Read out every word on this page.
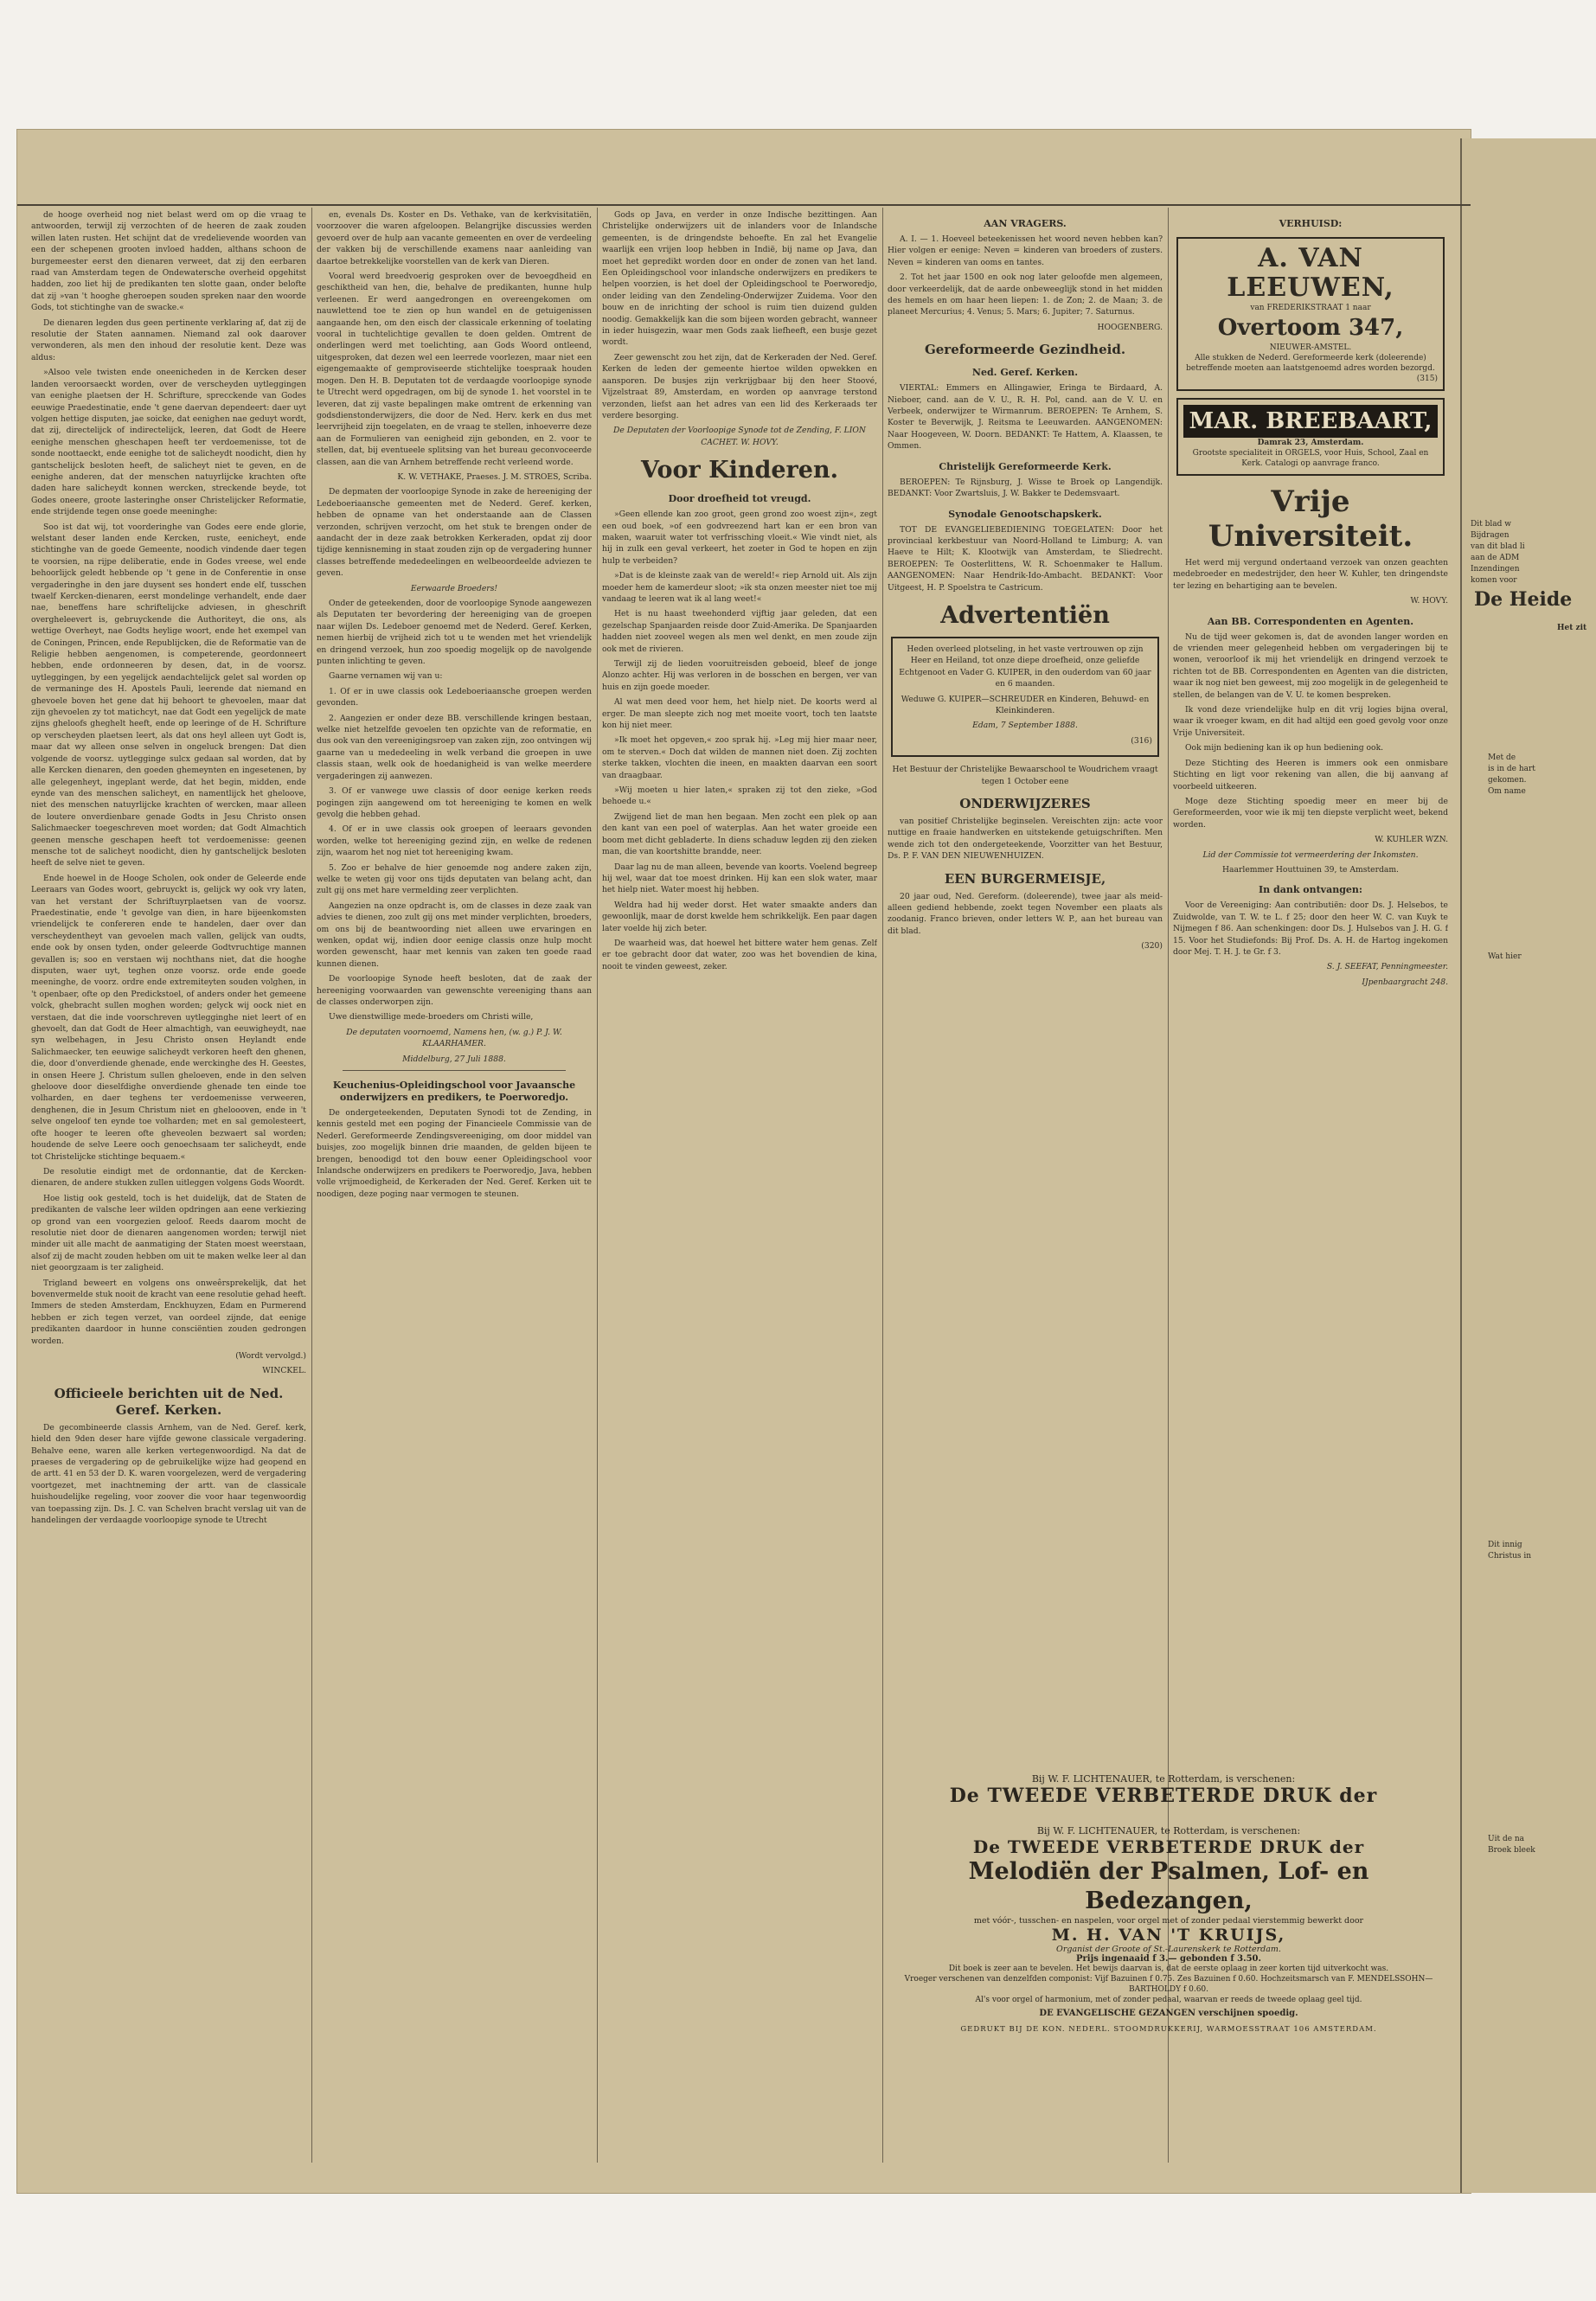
de hooge overheid nog niet belast werd om op die vraag te antwoorden, terwijl zij verzochten of de heeren de zaak zouden willen laten rusten. Het schijnt dat de vredelievende woorden van een der schepenen grooten invloed hadden, althans schoon de burgemeester eerst den dienaren verweet, dat zij den eerbaren raad van Amsterdam tegen de Ondewatersche overheid opgehitst hadden, zoo liet hij de predikanten ten slotte gaan, onder belofte dat zij »van 't hooghe gheroepen souden spreken naar den woorde Gods, tot stichtinghe van de swacke.«

De dienaren legden dus geen pertinente verklaring af, dat zij de resolutie der Staten aannamen. Niemand zal ook daarover verwonderen, als men den inhoud der resolutie kent. Deze was aldus:

»Alsoo vele twisten ende oneenicheden in de Kercken deser landen veroorsaeckt worden, over de verscheyden uytleggingen van eenighe plaetsen der H. Schrifture, sprecckende van Godes eeuwige Praedestinatie, ende 't gene daervan dependeert: daer uyt volgen hettige disputen, jae soicke, dat eenighen nae geduyt wordt, dat zij, directelijck of indirectelijck, leeren, dat Godt de Heere eenighe menschen gheschapen heeft ter verdoemenisse, tot de sonde noottaeckt, ende eenighe tot de salicheydt noodicht, dien hy gantschelijck besloten heeft, de salicheyt niet te geven, en de eenighe anderen, dat der menschen natuyrlijcke krachten ofte daden hare salicheydt konnen wercken, streckende beyde, tot Godes oneere, groote lasteringhe onser Christelijcker Reformatie, ende strijdende tegen onse goede meeninghe:

Soo ist dat wij, tot voorderinghe van Godes eere ende glorie, welstant deser landen ende Kercken, ruste, eenicheyt, ende stichtinghe van de goede Gemeente, noodich vindende daer tegen te voorsien, na rijpe deliberatie, ende in Godes vreese, wel ende behoorlijck geledt hebbende op 't gene in de Conferentie in onse vergaderinghe in den jare duysent ses hondert ende elf, tusschen twaelf Kercken-dienaren, eerst mondelinge verhandelt, ende daer nae, beneffens hare schriftelijcke adviesen, in gheschrift overgheleevert is, gebruyckende die Authoriteyt, die ons, als wettige Overheyt, nae Godts heylige woort, ende het exempel van de Coningen, Princen, ende Republijcken, die de Reformatie van de Religie hebben aengenomen, is competerende, geordonneert hebben, ende ordonneeren by desen, dat, in de voorsz. uytleggingen, by een yegelijck aendachtelijck gelet sal worden op de vermaninge des H. Apostels Pauli, leerende dat niemand en ghevoele boven het gene dat hij behoort te ghevoelen, maar dat zijn ghevoelen zy tot matichcyt, nae dat Godt een yegelijck de mate zijns gheloofs gheghelt heeft, ende op leeringe of de H. Schrifture op verscheyden plaetsen leert, als dat ons heyl alleen uyt Godt is, maar dat wy alleen onse selven in ongeluck brengen: Dat dien volgende de voorsz. uytlegginge sulcx gedaan sal worden, dat by alle Kercken dienaren, den goeden ghemeynten en ingesetenen, by alle gelegenheyt, ingeplant werde, dat het begin, midden, ende eynde van des menschen salicheyt, en namentlijck het gheloove, niet des menschen natuyrlijcke krachten of wercken, maar alleen de loutere onverdienbare genade Godts in Jesu Christo onsen Salichmaecker toegeschreven moet worden; dat Godt Almachtich geenen mensche geschapen heeft tot verdoemenisse: geenen mensche tot de salicheyt noodicht, dien hy gantschelijck besloten heeft de selve niet te geven.

Ende hoewel in de Hooge Scholen, ook onder de Geleerde ende Leeraars van Godes woort, gebruyckt is, gelijck wy ook vry laten, van het verstant der Schriftuyrplaetsen van de voorsz. Praedestinatie, ende 't gevolge van dien, in hare bijeenkomsten vriendelijck te confereren ende te handelen, daer over dan verscheydentheyt van gevoelen mach vallen, gelijck van oudts, ende ook by onsen tyden, onder geleerde Godtvruchtige mannen gevallen is; soo en verstaen wij nochthans niet, dat die hooghe disputen, waer uyt, teghen onze voorsz. orde ende goede meeninghe, de voorz. ordre ende extremiteyten souden volghen, in 't openbaer, ofte op den Predickstoel, of anders onder het gemeene volck, ghebracht sullen moghen worden; gelyck wij oock niet en verstaen, dat die inde voorschreven uytlegginghe niet leert of en ghevoelt, dan dat Godt de Heer almachtigh, van eeuwigheydt, nae syn welbehagen, in Jesu Christo onsen Heylandt ende Salichmaecker, ten eeuwige salicheydt verkoren heeft den ghenen, die, door d'onverdiende ghenade, ende werckinghe des H. Geestes, in onsen Heere J. Christum sullen gheloeven, ende in den selven gheloove door dieselfdighe onverdiende ghenade ten einde toe volharden, en daer teghens ter verdoemenisse verweeren, denghenen, die in Jesum Christum niet en gheloooven, ende in 't selve ongeloof ten eynde toe volharden; met en sal gemolesteert, ofte hooger te leeren ofte gheveolen bezwaert sal worden; houdende de selve Leere ooch genoechsaam ter salicheydt, ende tot Christelijcke stichtinge bequaem.«

De resolutie eindigt met de ordonnantie, dat de Kercken-dienaren, de andere stukken zullen uitleggen volgens Gods Woordt.

Hoe listig ook gesteld, toch is het duidelijk, dat de Staten de predikanten de valsche leer wilden opdringen aan eene verkiezing op grond van een voorgezien geloof. Reeds daarom mocht de resolutie niet door de dienaren aangenomen worden; terwijl niet minder uit alle macht de aanmatiging der Staten moest weerstaan, alsof zij de macht zouden hebben om uit te maken welke leer al dan niet geoorgzaam is ter zaligheid.

Trigland beweert en volgens ons onweêrsprekelijk, dat het bovenvermelde stuk nooit de kracht van eene resolutie gehad heeft. Immers de steden Amsterdam, Enckhuyzen, Edam en Purmerend hebben er zich tegen verzet, van oordeel zijnde, dat eenige predikanten daardoor in hunne consciëntien zouden gedrongen worden.

(Wordt vervolgd.)

WINCKEL.

Officieele berichten uit de Ned. Geref. Kerken.

De gecombineerde classis Arnhem, van de Ned. Geref. kerk, hield den 9den deser hare vijfde gewone classicale vergadering. Behalve eene, waren alle kerken vertegenwoordigd. Na dat de praeses de vergadering op de gebruikelijke wijze had geopend en de artt. 41 en 53 der D. K. waren voorgelezen, werd de vergadering voortgezet, met inachtneming der artt. van de classicale huishoudelijke regeling, voor zoover die voor haar tegenwoordig van toepassing zijn. Ds. J. C. van Schelven bracht verslag uit van de handelingen der verdaagde voorloopige synode te Utrecht

en, evenals Ds. Koster en Ds. Vethake, van de kerkvisitatiën, voorzoover die waren afgeloopen. Belangrijke discussies werden gevoerd over de hulp aan vacante gemeenten en over de verdeeling der vakken bij de verschillende examens naar aanleiding van daartoe betrekkelijke voorstellen van de kerk van Dieren.

Vooral werd breedvoerig gesproken over de bevoegdheid en geschiktheid van hen, die, behalve de predikanten, hunne hulp verleenen. Er werd aangedrongen en overeengekomen om nauwlettend toe te zien op hun wandel en de getuigenissen aangaande hen, om den eisch der classicale erkenning of toelating vooral in tuchtelichtige gevallen te doen gelden. Omtrent de onderlingen werd met toelichting, aan Gods Woord ontleend, uitgesproken, dat dezen wel een leerrede voorlezen, maar niet een eigengemaakte of gemproviseerde stichtelijke toespraak houden mogen. Den H. B. Deputaten tot de verdaagde voorloopige synode te Utrecht werd opgedragen, om bij de synode 1. het voorstel in te leveren, dat zij vaste bepalingen make omtrent de erkenning van godsdienstonderwijzers, die door de Ned. Herv. kerk en dus met leervrijheid zijn toegelaten, en de vraag te stellen, inhoeverre deze aan de Formulieren van eenigheid zijn gebonden, en 2. voor te stellen, dat, bij eventueele splitsing van het bureau geconvoceerde classen, aan die van Arnhem betreffende recht verleend worde.

K. W. VETHAKE, Praeses. J. M. STROES, Scriba.

De depmaten der voorloopige Synode in zake de hereeniging der Ledeboeriaansche gemeenten met de Nederd. Geref. kerken, hebben de opname van het onderstaande aan de Classen verzonden, schrijven verzocht, om het stuk te brengen onder de aandacht der in deze zaak betrokken Kerkeraden, opdat zij door tijdige kennisneming in staat zouden zijn op de vergadering hunner classes betreffende mededeelingen en welbeoordeelde adviezen te geven.

Eerwaarde Broeders!

Onder de geteekenden, door de voorloopige Synode aangewezen als Deputaten ter bevordering der hereeniging van de groepen naar wijlen Ds. Ledeboer genoemd met de Nederd. Geref. Kerken, nemen hierbij de vrijheid zich tot u te wenden met het vriendelijk en dringend verzoek, hun zoo spoedig mogelijk op de navolgende punten inlichting te geven.

Gaarne vernamen wij van u:

1. Of er in uwe classis ook Ledeboeriaansche groepen werden gevonden.

2. Aangezien er onder deze BB. verschillende kringen bestaan, welke niet hetzelfde gevoelen ten opzichte van de reformatie, en dus ook van den vereenigingsroep van zaken zijn, zoo ontvingen wij gaarne van u mededeeling in welk verband die groepen in uwe classis staan, welk ook de hoedanigheid is van welke meerdere vergaderingen zij aanwezen.

3. Of er vanwege uwe classis of door eenige kerken reeds pogingen zijn aangewend om tot hereeniging te komen en welk gevolg die hebben gehad.

4. Of er in uwe classis ook groepen of leeraars gevonden worden, welke tot hereeniging gezind zijn, en welke de redenen zijn, waarom het nog niet tot hereeniging kwam.

5. Zoo er behalve de hier genoemde nog andere zaken zijn, welke te weten gij voor ons tijds deputaten van belang acht, dan zult gij ons met hare vermelding zeer verplichten.

Aangezien na onze opdracht is, om de classes in deze zaak van advies te dienen, zoo zult gij ons met minder verplichten, broeders, om ons bij de beantwoording niet alleen uwe ervaringen en wenken, opdat wij, indien door eenige classis onze hulp mocht worden gewenscht, haar met kennis van zaken ten goede raad kunnen dienen.

De voorloopige Synode heeft besloten, dat de zaak der hereeniging voorwaarden van gewenschte vereeniging thans aan de classes onderworpen zijn.

Uwe dienstwillige mede-broeders om Christi wille,

De deputaten voornoemd, Namens hen, (w. g.) P. J. W. KLAARHAMER.

Middelburg, 27 Juli 1888.

Keuchenius-Opleidingschool voor Javaansche onderwijzers en predikers, te Poerworedjo.

De ondergeteekenden, Deputaten Synodi tot de Zending, in kennis gesteld met een poging der Financieele Commissie van de Nederl. Gereformeerde Zendingsvereeniging, om door middel van buisjes, zoo mogelijk binnen drie maanden, de gelden bijeen te brengen, benoodigd tot den bouw eener Opleidingschool voor Inlandsche onderwijzers en predikers te Poerworedjo, Java, hebben volle vrijmoedigheid, de Kerkeraden der Ned. Geref. Kerken uit te noodigen, deze poging naar vermogen te steunen.

Gods op Java, en verder in onze Indische bezittingen. Aan Christelijke onderwijzers uit de inlanders voor de Inlandsche gemeenten, is de dringendste behoefte. En zal het Evangelie waarlijk een vrijen loop hebben in Indië, bij name op Java, dan moet het gepredikt worden door en onder de zonen van het land. Een Opleidingschool voor inlandsche onderwijzers en predikers te helpen voorzien, is het doel der Opleidingschool te Poerworedjo, onder leiding van den Zendeling-Onderwijzer Zuidema. Voor den bouw en de inrichting der school is ruim tien duizend gulden noodig. Gemakkelijk kan die som bijeen worden gebracht, wanneer in ieder huisgezin, waar men Gods zaak liefheeft, een busje gezet wordt.

Zeer gewenscht zou het zijn, dat de Kerkeraden der Ned. Geref. Kerken de leden der gemeente hiertoe wilden opwekken en aansporen. De busjes zijn verkrijgbaar bij den heer Stoové, Vijzelstraat 89, Amsterdam, en worden op aanvrage terstond verzonden, liefst aan het adres van een lid des Kerkeraads ter verdere besorging.

De Deputaten der Voorloopige Synode tot de Zending, F. LION CACHET. W. HOVY.

Voor Kinderen.
Door droefheid tot vreugd.

»Geen ellende kan zoo groot, geen grond zoo woest zijn«, zegt een oud boek, »of een godvreezend hart kan er een bron van maken, waaruit water tot verfrissching vloeit.« Wie vindt niet, als hij in zulk een geval verkeert, het zoeter in God te hopen en zijn hulp te verbeiden?

»Dat is de kleinste zaak van de wereld!« riep Arnold uit. Als zijn moeder hem de kamerdeur sloot; »ik sta onzen meester niet toe mij vandaag te leeren wat ik al lang weet!«

Het is nu haast tweehonderd vijftig jaar geleden, dat een gezelschap Spanjaarden reisde door Zuid-Amerika. De Spanjaarden hadden niet zooveel wegen als men wel denkt, en men zoude zijn ook met de rivieren.

Terwijl zij de lieden vooruitreisden geboeid, bleef de jonge Alonzo achter. Hij was verloren in de bosschen en bergen, ver van huis en zijn goede moeder.

Al wat men deed voor hem, het hielp niet. De koorts werd al erger. De man sleepte zich nog met moeite voort, toch ten laatste kon hij niet meer.

»Ik moet het opgeven,« zoo sprak hij. »Leg mij hier maar neer, om te sterven.« Doch dat wilden de mannen niet doen. Zij zochten sterke takken, vlochten die ineen, en maakten daarvan een soort van draagbaar.

»Wij moeten u hier laten,« spraken zij tot den zieke, »God behoede u.«

Zwijgend liet de man hen begaan. Men zocht een plek op aan den kant van een poel of waterplas. Aan het water groeide een boom met dicht gebladerte. In diens schaduw legden zij den zieken man, die van koortshitte brandde, neer.

Daar lag nu de man alleen, bevende van koorts. Voelend begreep hij wel, waar dat toe moest drinken. Hij kan een slok water, maar het hielp niet. Water moest hij hebben.

Weldra had hij weder dorst. Het water smaakte anders dan gewoonlijk, maar de dorst kwelde hem schrikkelijk. Een paar dagen later voelde hij zich beter.

De waarheid was, dat hoewel het bittere water hem genas. Zelf er toe gebracht door dat water, zoo was het bovendien de kina, nooit te vinden geweest, zeker.

AAN VRAGERS.

A. I. — 1. Hoeveel beteekenissen het woord neven hebben kan? Hier volgen er eenige: Neven = kinderen van broeders of zusters. Neven = kinderen van ooms en tantes.

2. Tot het jaar 1500 en ook nog later geloofde men algemeen, door verkeerdelijk, dat de aarde onbeweeglijk stond in het midden des hemels en om haar heen liepen: 1. de Zon; 2. de Maan; 3. de planeet Mercurius; 4. Venus; 5. Mars; 6. Jupiter; 7. Saturnus.

HOOGENBERG.

Gereformeerde Gezindheid.
Ned. Geref. Kerken.

VIERTAL: Emmers en Allingawier, Eringa te Birdaard, A. Nieboer, cand. aan de V. U., R. H. Pol, cand. aan de V. U. en Verbeek, onderwijzer te Wirmanrum. BEROEPEN: Te Arnhem, S. Koster te Beverwijk, J. Reitsma te Leeuwarden. AANGENOMEN: Naar Hoogeveen, W. Doorn. BEDANKT: Te Hattem, A. Klaassen, te Ommen.

Christelijk Gereformeerde Kerk.

BEROEPEN: Te Rijnsburg, J. Wisse te Broek op Langendijk. BEDANKT: Voor Zwartsluis, J. W. Bakker te Dedemsvaart.

Synodale Genootschapskerk.

TOT DE EVANGELIEBEDIENING TOEGELATEN: Door het provinciaal kerkbestuur van Noord-Holland te Limburg; A. van Haeve te Hilt; K. Klootwijk van Amsterdam, te Sliedrecht. BEROEPEN: Te Oosterlittens, W. R. Schoenmaker te Hallum. AANGENOMEN: Naar Hendrik-Ido-Ambacht. BEDANKT: Voor Uitgeest, H. P. Spoelstra te Castricum.

Advertentiën

Heden overleed plotseling, in het vaste vertrouwen op zijn Heer en Heiland, tot onze diepe droefheid, onze geliefde Echtgenoot en Vader G. KUIPER, in den ouderdom van 60 jaar en 6 maanden.

Weduwe G. KUIPER—SCHREUDER en Kinderen, Behuwd- en Kleinkinderen.

Edam, 7 September 1888.

(316)

Het Bestuur der Christelijke Bewaarschool te Woudrichem vraagt tegen 1 October eene

ONDERWIJZERES

van positief Christelijke beginselen. Vereischten zijn: acte voor nuttige en fraaie handwerken en uitstekende getuigschriften. Men wende zich tot den ondergeteekende, Voorzitter van het Bestuur, Ds. P. F. VAN DEN NIEUWENHUIZEN.

EEN BURGERMEISJE,

20 jaar oud, Ned. Gereform. (doleerende), twee jaar als meid-alleen gediend hebbende, zoekt tegen November een plaats als zoodanig. Franco brieven, onder letters W. P., aan het bureau van dit blad.

(320)

VERHUISD:
A. VAN LEEUWEN,
van FREDERIKSTRAAT 1 naar
Overtoom 347,
NIEUWER-AMSTEL.
Alle stukken de Nederd. Gereformeerde kerk (doleerende) betreffende moeten aan laatstgenoemd adres worden bezorgd.
(315)
MAR. BREEBAART,
Damrak 23, Amsterdam.
Grootste specialiteit in ORGELS, voor Huis, School, Zaal en Kerk. Catalogi op aanvrage franco.
Vrije Universiteit.

Het werd mij vergund ondertaand verzoek van onzen geachten medebroeder en medestrijder, den heer W. Kuhler, ten dringendste ter lezing en behartiging aan te bevelen.

W. HOVY.

Aan BB. Correspondenten en Agenten.

Nu de tijd weer gekomen is, dat de avonden langer worden en de vrienden meer gelegenheid hebben om vergaderingen bij te wonen, veroorloof ik mij het vriendelijk en dringend verzoek te richten tot de BB. Correspondenten en Agenten van die districten, waar ik nog niet ben geweest, mij zoo mogelijk in de gelegenheid te stellen, de belangen van de V. U. te komen bespreken.

Ik vond deze vriendelijke hulp en dit vrij logies bijna overal, waar ik vroeger kwam, en dit had altijd een goed gevolg voor onze Vrije Universiteit.

Ook mijn bediening kan ik op hun bediening ook.

Deze Stichting des Heeren is immers ook een onmisbare Stichting en ligt voor rekening van allen, die bij aanvang af voorbeeld uitkeeren.

Moge deze Stichting spoedig meer en meer bij de Gereformeerden, voor wie ik mij ten diepste verplicht weet, bekend worden.

W. KUHLER WZN.

Lid der Commissie tot vermeerdering der Inkomsten.

Haarlemmer Houttuinen 39, te Amsterdam.

In dank ontvangen:

Voor de Vereeniging: Aan contributiën: door Ds. J. Helsebos, te Zuidwolde, van T. W. te L. f 25; door den heer W. C. van Kuyk te Nijmegen f 86. Aan schenkingen: door Ds. J. Hulsebos van J. H. G. f 15. Voor het Studiefonds: Bij Prof. Ds. A. H. de Hartog ingekomen door Mej. T. H. J. te Gr. f 3.

S. J. SEEFAT, Penningmeester.

IJpenbaargracht 248.

Bij W. F. LICHTENAUER, te Rotterdam, is verschenen:
De TWEEDE VERBETERDE DRUK der
Bij W. F. LICHTENAUER, te Rotterdam, is verschenen:
De TWEEDE VERBETERDE DRUK der
Melodiën der Psalmen, Lof- en Bedezangen,
met vóór-, tusschen- en naspelen, voor orgel met of zonder pedaal vierstemmig bewerkt door
M. H. VAN 'T KRUIJS,
Organist der Groote of St.-Laurenskerk te Rotterdam.
Prijs ingenaaid f 3.— gebonden f 3.50.
Dit boek is zeer aan te bevelen. Het bewijs daarvan is, dat de eerste oplaag in zeer korten tijd uitverkocht was.
Vroeger verschenen van denzelfden componist: Vijf Bazuinen f 0.75. Zes Bazuinen f 0.60. Hochzeitsmarsch van F. MENDELSSOHN—BARTHOLDY f 0.60.
Al's voor orgel of harmonium, met of zonder pedaal, waarvan er reeds de tweede oplaag geel tijd.
DE EVANGELISCHE GEZANGEN verschijnen spoedig.
GEDRUKT BIJ DE KON. NEDERL. STOOMDRUKKERIJ, WARMOESSTRAAT 106 AMSTERDAM.
Dit blad w
Bijdragen
van dit blad li
aan de ADM
Inzendingen
komen voor
De Heide
Het zit
Met de
is in de hart
gekomen.
Om name
Wat hier
Dit innig
Christus in
Uit de na
Broek bleek
